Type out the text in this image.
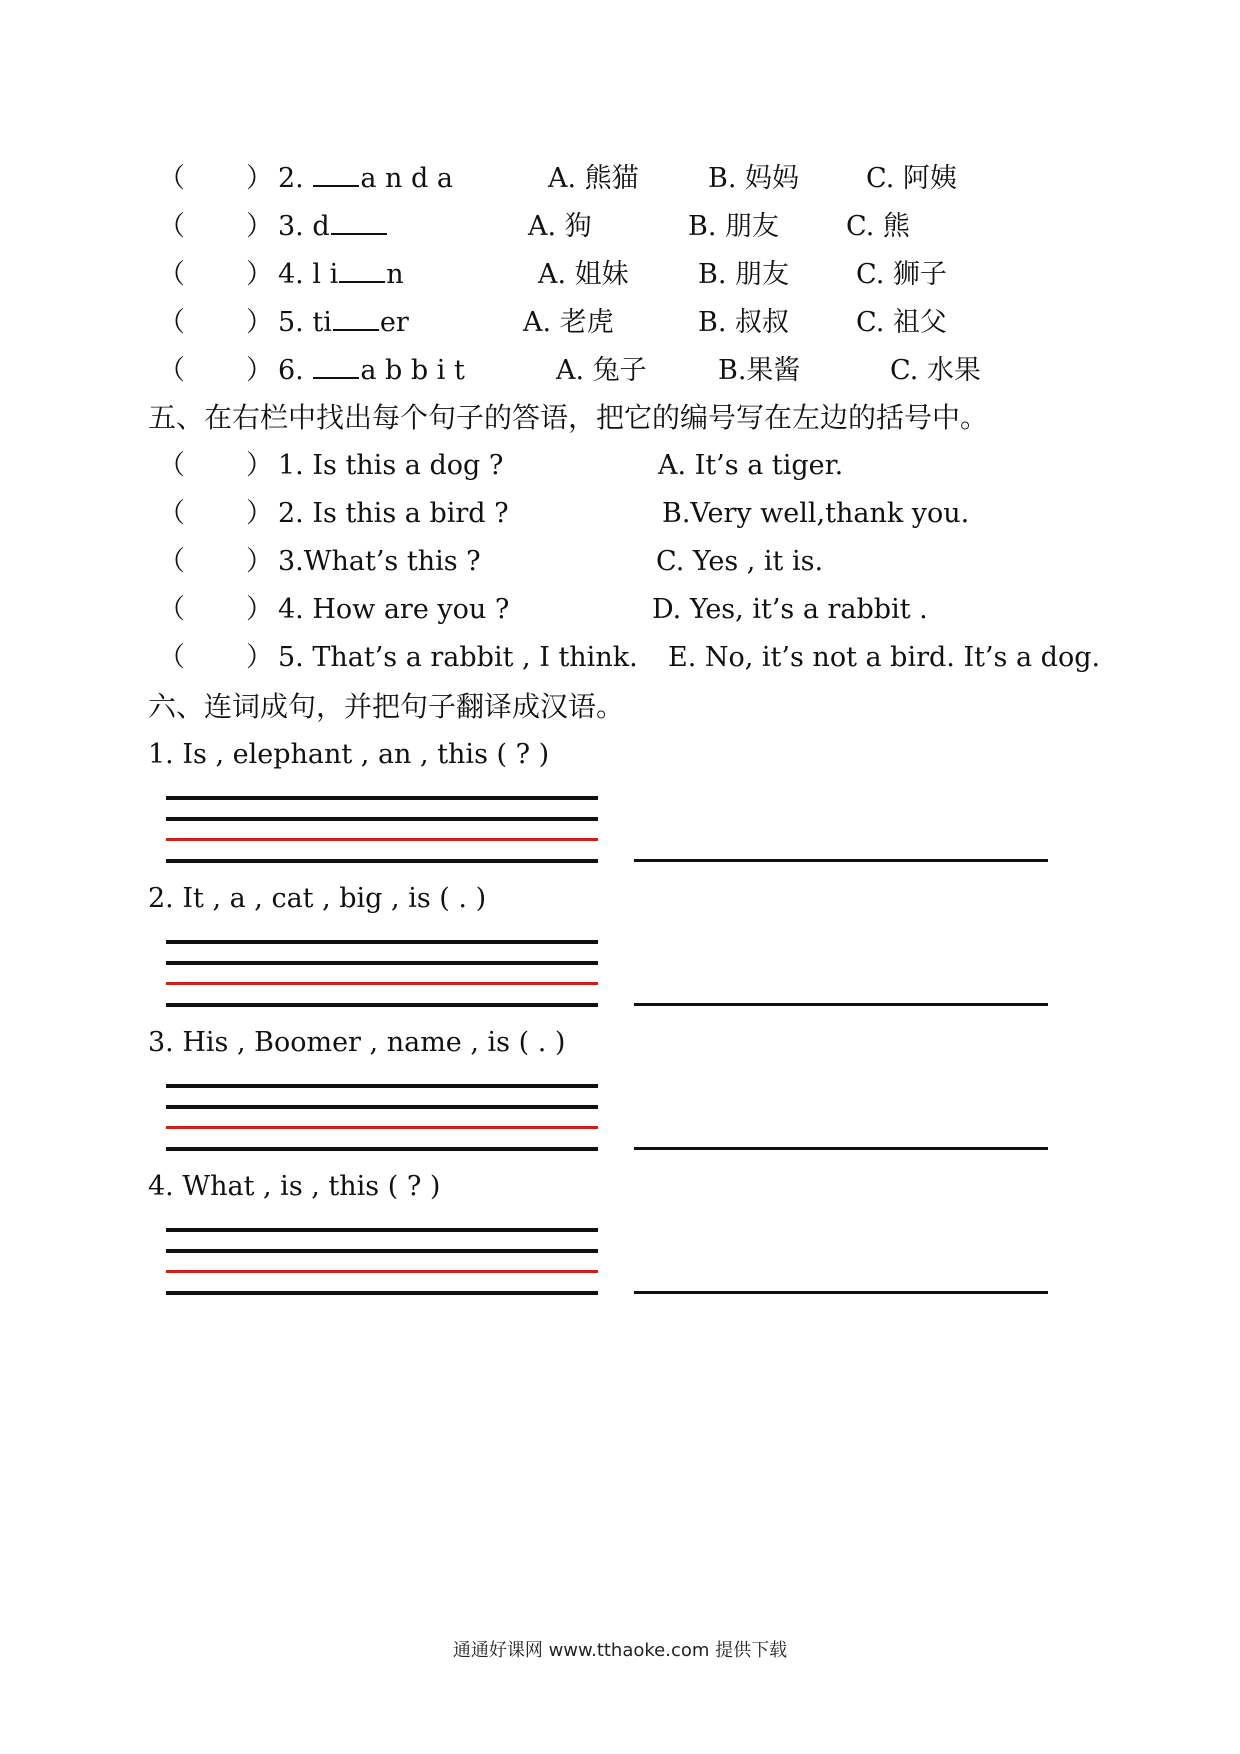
（ ） 2. a n d a	A. 熊猫	B. 妈妈 C. 阿姨
（ ） 3. d	A. 狗	B. 朋友 C. 熊
（ ） 4. l i n	A. 姐妹	B. 朋友 C. 狮子
（ ） 5. ti er	A. 老虎	B. 叔叔 C. 祖父
（ ） 6. a b b i t	A. 兔子	B.果酱	C. 水果
五、在右栏中找出每个句子的答语，把它的编号写在左边的括号中。
（ ） 1. Is this a dog ?	A. It’s a tiger.
（ ） 2. Is this a bird ?	B.Very well,thank you.
（ ） 3.What’s this ?	C. Yes , it is.
（ ） 4. How are you ?	D. Yes, it’s a rabbit .
（ ） 5. That’s a rabbit , I think. E. No, it’s not a bird. It’s a dog.
六、连词成句，并把句子翻译成汉语。
1. Is , elephant , an , this ( ? )
2. It , a , cat , big , is ( . )
3. His , Boomer , name , is ( . )
4. What , is , this ( ? )
通通好课网 www.tthaoke.com 提供下载
